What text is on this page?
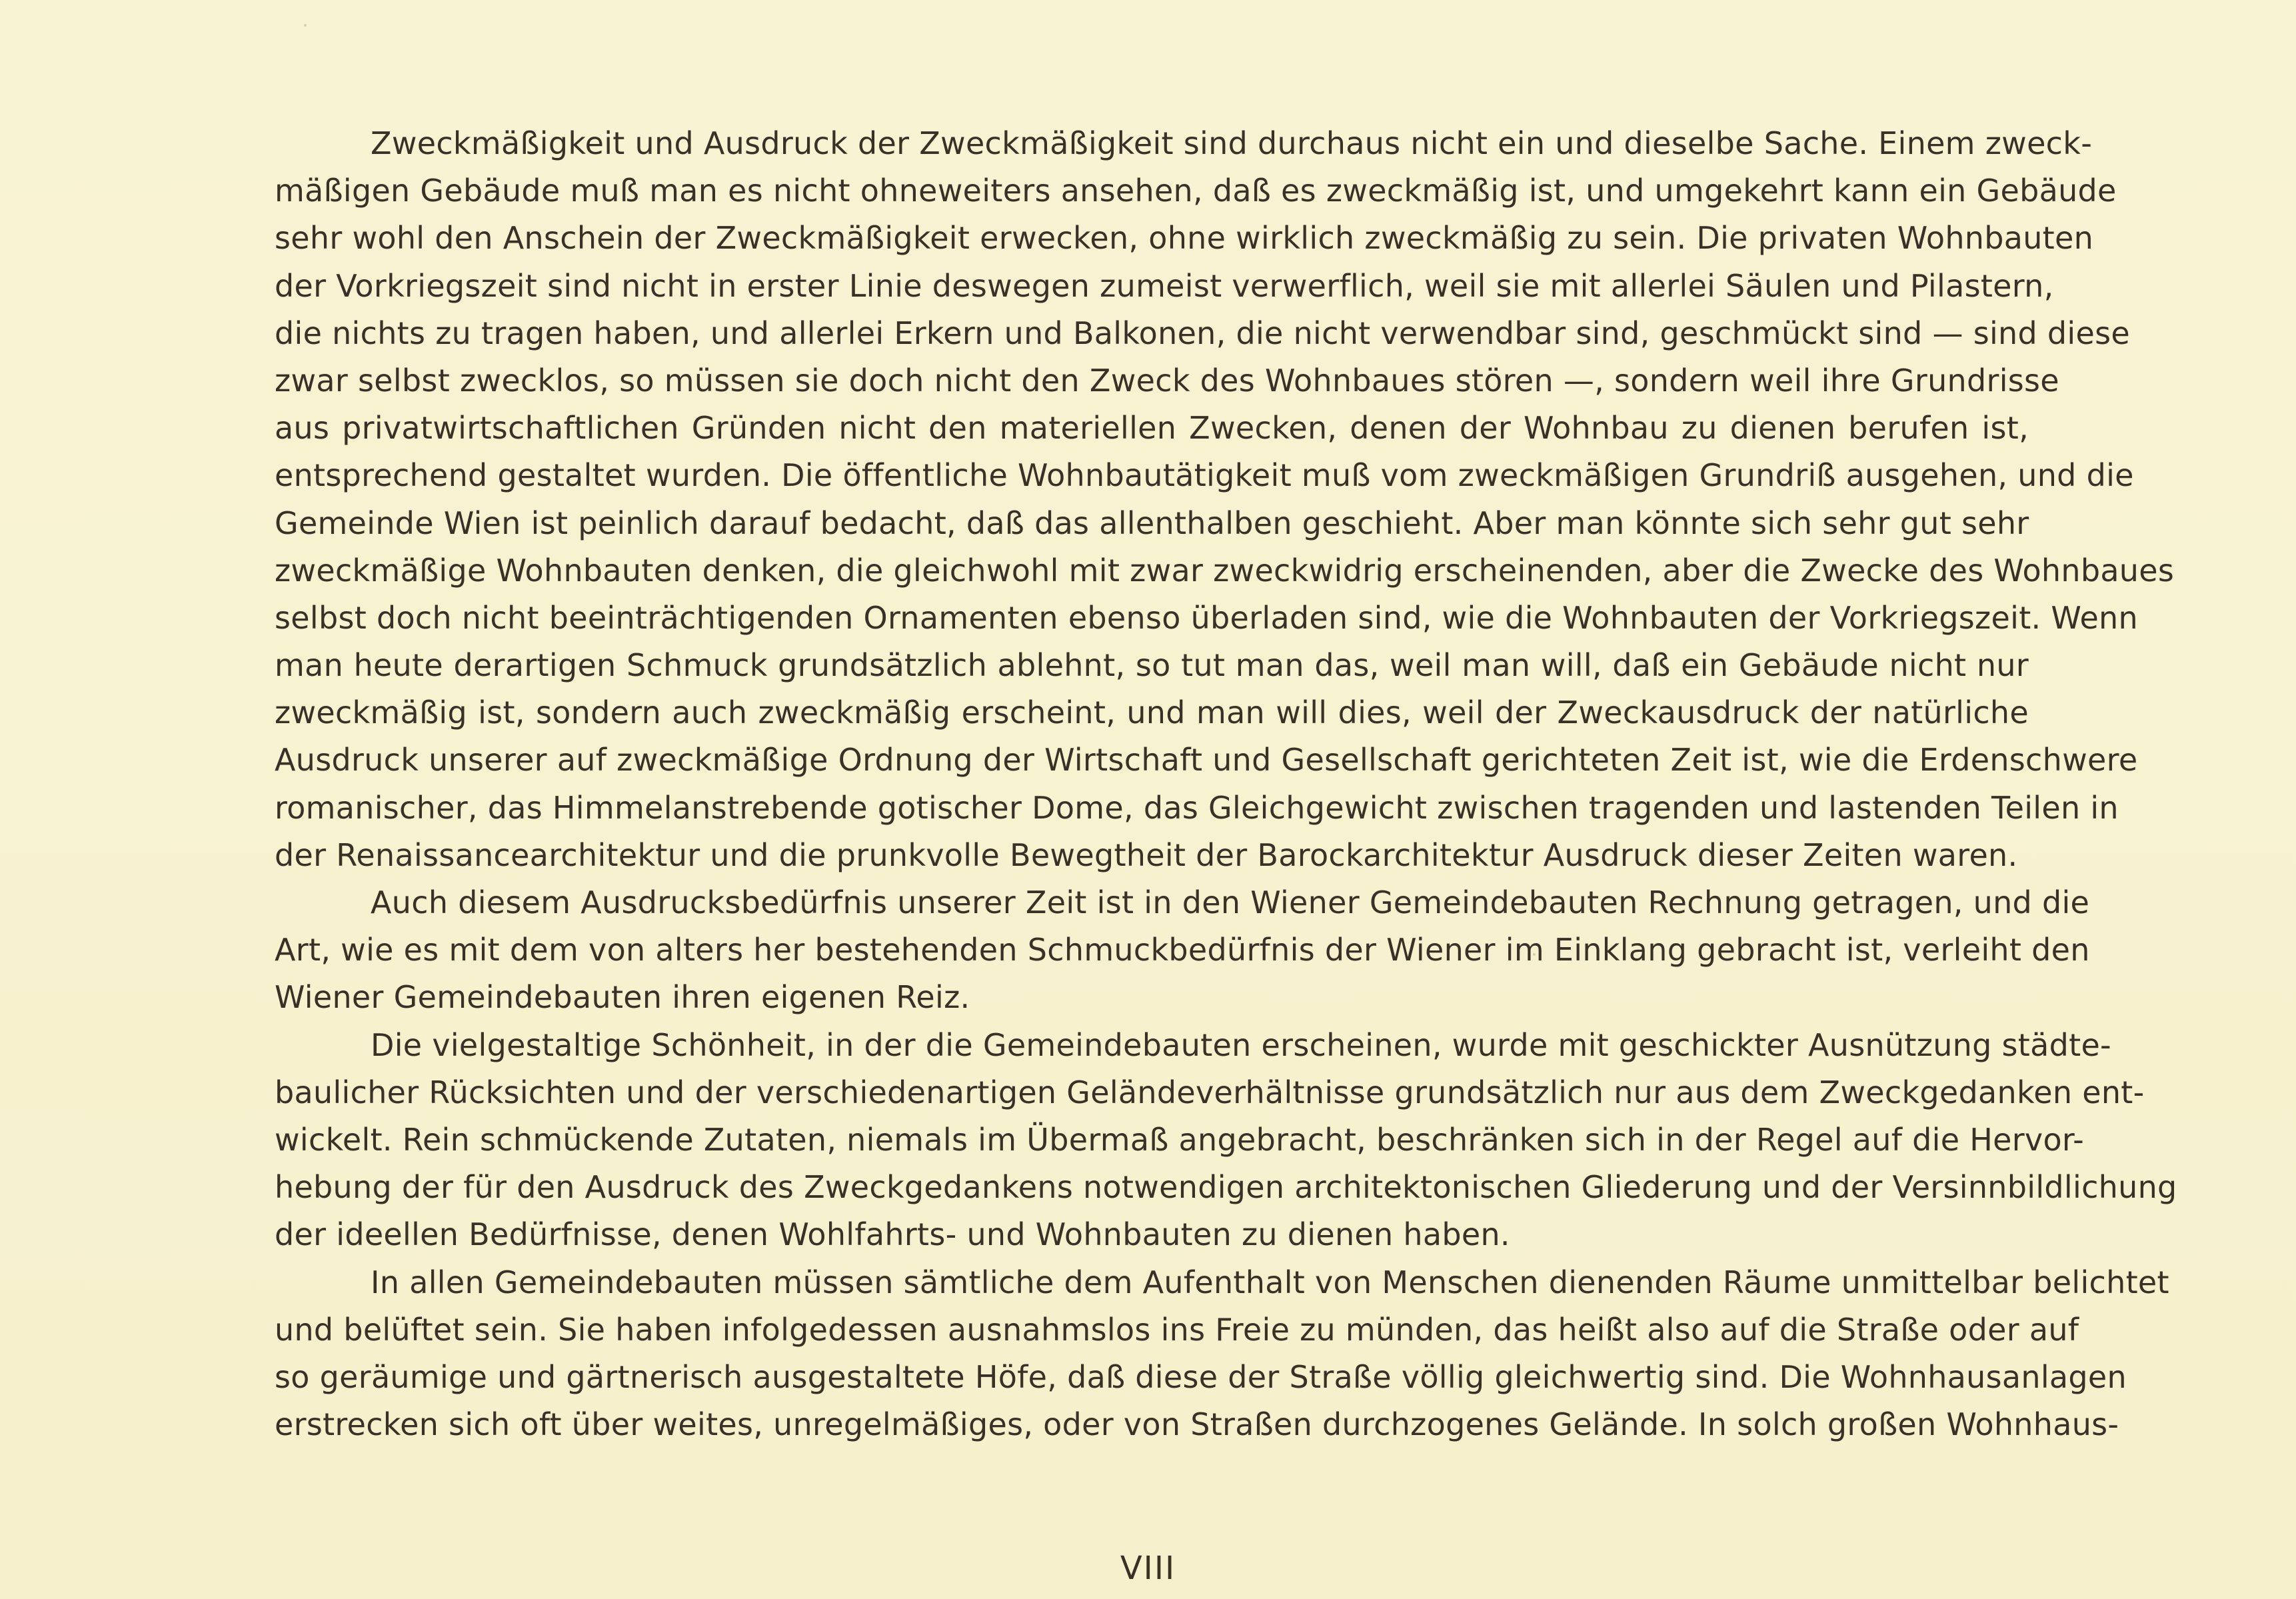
Zweckmäßigkeit und Ausdruck der Zweckmäßigkeit sind durchaus nicht ein und dieselbe Sache. Einem zweck-
mäßigen Gebäude muß man es nicht ohneweiters ansehen, daß es zweckmäßig ist, und umgekehrt kann ein Gebäude
sehr wohl den Anschein der Zweckmäßigkeit erwecken, ohne wirklich zweckmäßig zu sein. Die privaten Wohnbauten
der Vorkriegszeit sind nicht in erster Linie deswegen zumeist verwerflich, weil sie mit allerlei Säulen und Pilastern,
die nichts zu tragen haben, und allerlei Erkern und Balkonen, die nicht verwendbar sind, geschmückt sind — sind diese
zwar selbst zwecklos, so müssen sie doch nicht den Zweck des Wohnbaues stören —, sondern weil ihre Grundrisse
aus privatwirtschaftlichen Gründen nicht den materiellen Zwecken, denen der Wohnbau zu dienen berufen ist,
entsprechend gestaltet wurden. Die öffentliche Wohnbautätigkeit muß vom zweckmäßigen Grundriß ausgehen, und die
Gemeinde Wien ist peinlich darauf bedacht, daß das allenthalben geschieht. Aber man könnte sich sehr gut sehr
zweckmäßige Wohnbauten denken, die gleichwohl mit zwar zweckwidrig erscheinenden, aber die Zwecke des Wohnbaues
selbst doch nicht beeinträchtigenden Ornamenten ebenso überladen sind, wie die Wohnbauten der Vorkriegszeit. Wenn
man heute derartigen Schmuck grundsätzlich ablehnt, so tut man das, weil man will, daß ein Gebäude nicht nur
zweckmäßig ist, sondern auch zweckmäßig erscheint, und man will dies, weil der Zweckausdruck der natürliche
Ausdruck unserer auf zweckmäßige Ordnung der Wirtschaft und Gesellschaft gerichteten Zeit ist, wie die Erdenschwere
romanischer, das Himmelanstrebende gotischer Dome, das Gleichgewicht zwischen tragenden und lastenden Teilen in
der Renaissancearchitektur und die prunkvolle Bewegtheit der Barockarchitektur Ausdruck dieser Zeiten waren.
Auch diesem Ausdrucksbedürfnis unserer Zeit ist in den Wiener Gemeindebauten Rechnung getragen, und die
Art, wie es mit dem von alters her bestehenden Schmuckbedürfnis der Wiener im Einklang gebracht ist, verleiht den
Wiener Gemeindebauten ihren eigenen Reiz.
Die vielgestaltige Schönheit, in der die Gemeindebauten erscheinen, wurde mit geschickter Ausnützung städte-
baulicher Rücksichten und der verschiedenartigen Geländeverhältnisse grundsätzlich nur aus dem Zweckgedanken ent-
wickelt. Rein schmückende Zutaten, niemals im Übermaß angebracht, beschränken sich in der Regel auf die Hervor-
hebung der für den Ausdruck des Zweckgedankens notwendigen architektonischen Gliederung und der Versinnbildlichung
der ideellen Bedürfnisse, denen Wohlfahrts- und Wohnbauten zu dienen haben.
In allen Gemeindebauten müssen sämtliche dem Aufenthalt von Menschen dienenden Räume unmittelbar belichtet
und belüftet sein. Sie haben infolgedessen ausnahmslos ins Freie zu münden, das heißt also auf die Straße oder auf
so geräumige und gärtnerisch ausgestaltete Höfe, daß diese der Straße völlig gleichwertig sind. Die Wohnhausanlagen
erstrecken sich oft über weites, unregelmäßiges, oder von Straßen durchzogenes Gelände. In solch großen Wohnhaus-
VIII
